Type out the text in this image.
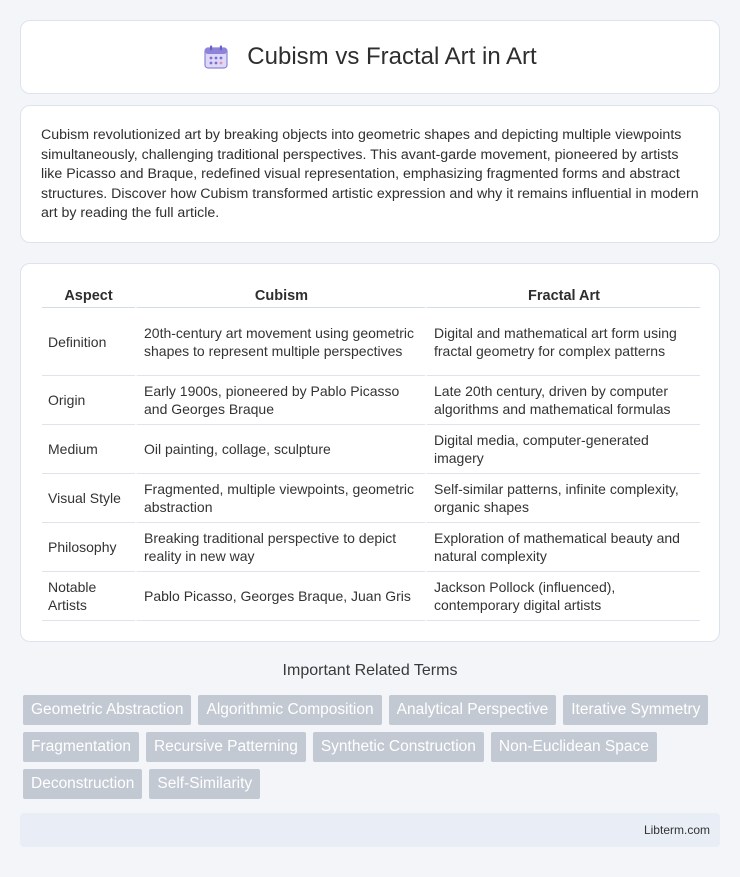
Cubism vs Fractal Art in Art

Cubism revolutionized art by breaking objects into geometric shapes and depicting multiple viewpoints simultaneously, challenging traditional perspectives. This avant-garde movement, pioneered by artists like Picasso and Braque, redefined visual representation, emphasizing fragmented forms and abstract structures. Discover how Cubism transformed artistic expression and why it remains influential in modern art by reading the full article.

Aspect	Cubism	Fractal Art
Definition	20th-century art movement using geometric shapes to represent multiple perspectives	Digital and mathematical art form using fractal geometry for complex patterns
Origin	Early 1900s, pioneered by Pablo Picasso and Georges Braque	Late 20th century, driven by computer algorithms and mathematical formulas
Medium	Oil painting, collage, sculpture	Digital media, computer-generated imagery
Visual Style	Fragmented, multiple viewpoints, geometric abstraction	Self-similar patterns, infinite complexity, organic shapes
Philosophy	Breaking traditional perspective to depict reality in new way	Exploration of mathematical beauty and natural complexity
Notable Artists	Pablo Picasso, Georges Braque, Juan Gris	Jackson Pollock (influenced), contemporary digital artists
Important Related Terms
Geometric Abstraction	Algorithmic Composition	Analytical Perspective	Iterative Symmetry
Fragmentation	Recursive Patterning	Synthetic Construction	Non-Euclidean Space
Deconstruction	Self-Similarity
Libterm.com
